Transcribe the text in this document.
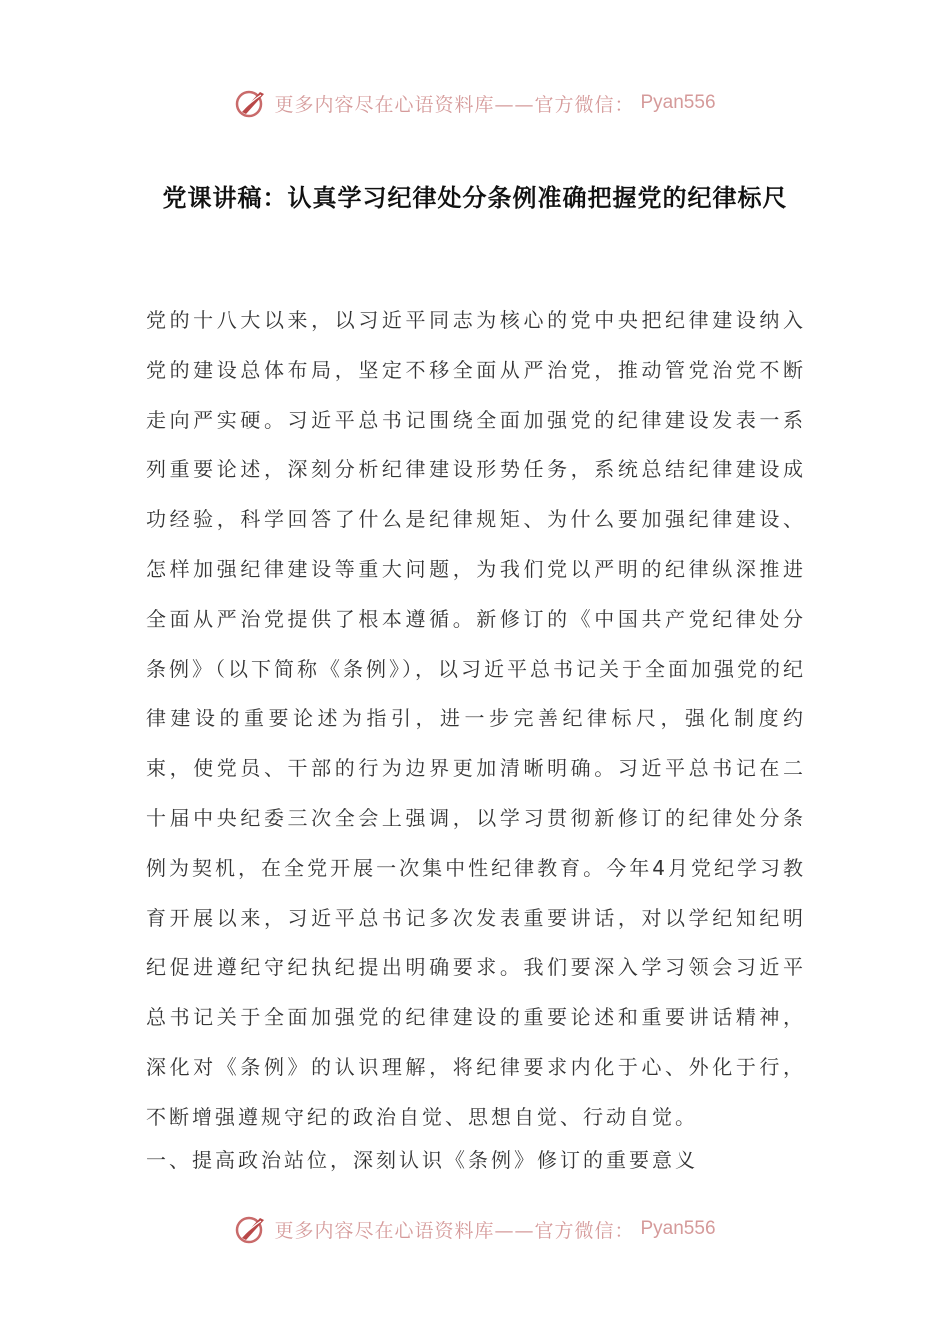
更多内容尽在心语资料库——官方微信： Pyan556
党课讲稿：认真学习纪律处分条例准确把握党的纪律标尺
党的十八大以来，以习近平同志为核心的党中央把纪律建设纳入党的建设总体布局，坚定不移全面从严治党，推动管党治党不断走向严实硬。习近平总书记围绕全面加强党的纪律建设发表一系列重要论述，深刻分析纪律建设形势任务，系统总结纪律建设成功经验，科学回答了什么是纪律规矩、为什么要加强纪律建设、怎样加强纪律建设等重大问题，为我们党以严明的纪律纵深推进全面从严治党提供了根本遵循。新修订的《中国共产党纪律处分条例》（以下简称《条例》），以习近平总书记关于全面加强党的纪律建设的重要论述为指引，进一步完善纪律标尺，强化制度约束，使党员、干部的行为边界更加清晰明确。习近平总书记在二十届中央纪委三次全会上强调，以学习贯彻新修订的纪律处分条例为契机，在全党开展一次集中性纪律教育。今年4月党纪学习教育开展以来，习近平总书记多次发表重要讲话，对以学纪知纪明纪促进遵纪守纪执纪提出明确要求。我们要深入学习领会习近平总书记关于全面加强党的纪律建设的重要论述和重要讲话精神，深化对《条例》的认识理解，将纪律要求内化于心、外化于行，不断增强遵规守纪的政治自觉、思想自觉、行动自觉。
一、提高政治站位，深刻认识《条例》修订的重要意义
更多内容尽在心语资料库——官方微信： Pyan556
